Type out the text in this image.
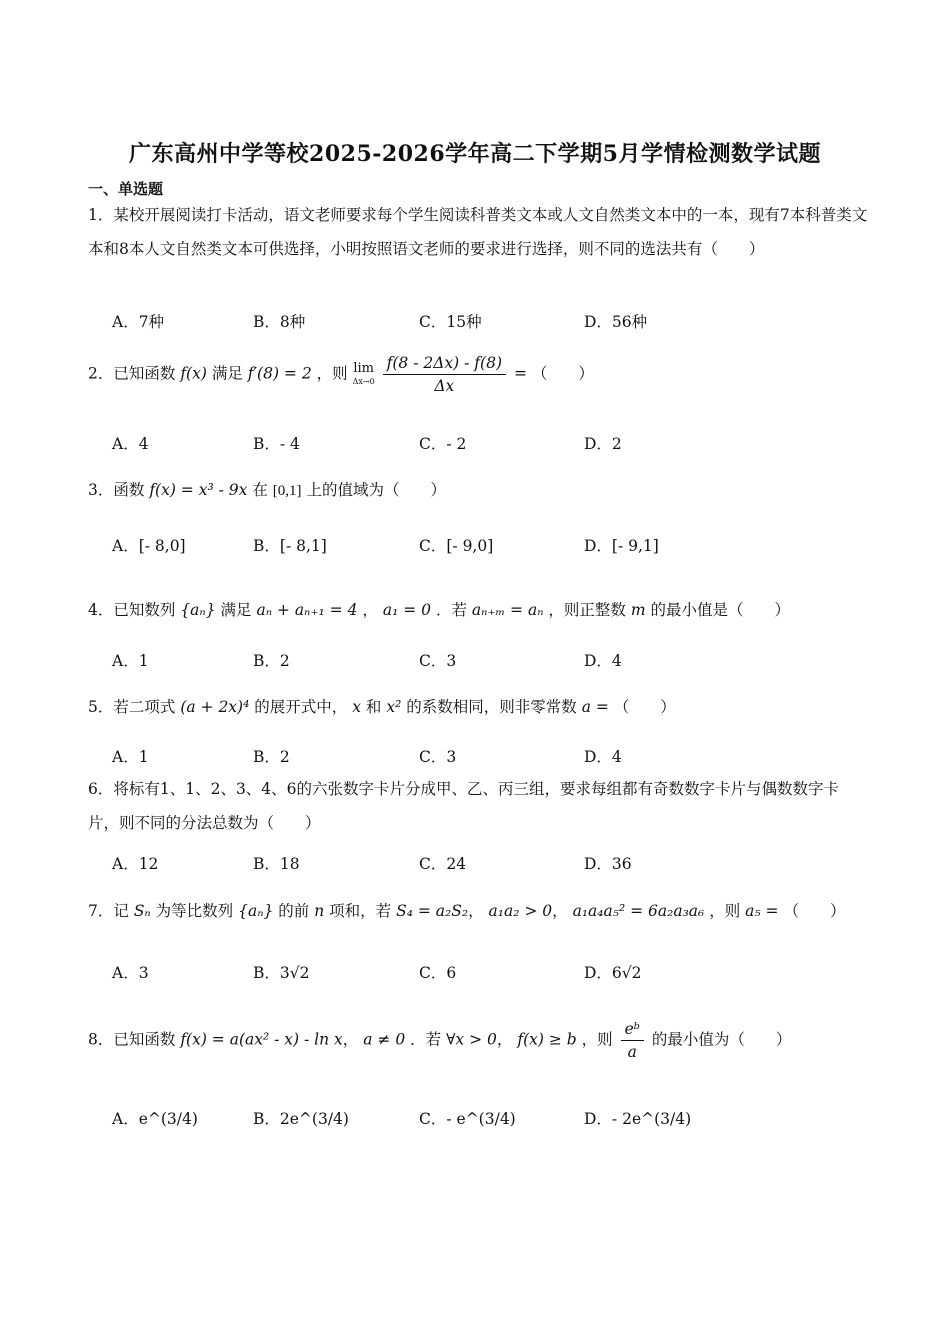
广东高州中学等校2025-2026学年高二下学期5月学情检测数学试题
一、单选题
1．某校开展阅读打卡活动，语文老师要求每个学生阅读科普类文本或人文自然类文本中的一本，现有7本科普类文本和8本人文自然类文本可供选择，小明按照语文老师的要求进行选择，则不同的选法共有（　　）
A．7种	B．8种	C．15种	D．56种
2．已知函数 f(x) 满足 f′(8) = 2 ，则 lim
Δx→0
$\frac{f(8 - 2\Delta x) - f(8)}{\Delta x}$ = （　　）
A．4	B．- 4	C．- 2	D．2
3．函数 f(x) = x³ - 9x 在 [0,1] 上的值域为（　　）
A．[- 8,0]	B．[- 8,1]	C．[- 9,0]	D．[- 9,1]
4．已知数列 {aₙ} 满足 aₙ + aₙ₊₁ = 4 ， a₁ = 0 ．若 aₙ₊ₘ = aₙ ，则正整数 m 的最小值是（　　）
A．1	B．2	C．3	D．4
5．若二项式 (a + 2x)⁴ 的展开式中， x 和 x² 的系数相同，则非零常数 a = （　　）
A．1	B．2	C．3	D．4
6．将标有1、1、2、3、4、6的六张数字卡片分成甲、乙、丙三组，要求每组都有奇数数字卡片与偶数数字卡片，则不同的分法总数为（　　）
A．12	B．18	C．24	D．36
7．记 Sₙ 为等比数列 {aₙ} 的前 n 项和，若 S₄ = a₂S₂， a₁a₂ > 0， a₁a₄a₅² = 6a₂a₃a₆ ，则 a₅ = （　　）
A．3	B．3√2	C．6	D．6√2
8．已知函数 f(x) = a(ax² - x) - ln x， a ≠ 0 ．若 ∀x > 0， f(x) ≥ b ，则 $\frac{\text{eᵇ}}{a}$ 的最小值为（　　）
A．e^(3/4)	B．2e^(3/4)	C．- e^(3/4)	D．- 2e^(3/4)
